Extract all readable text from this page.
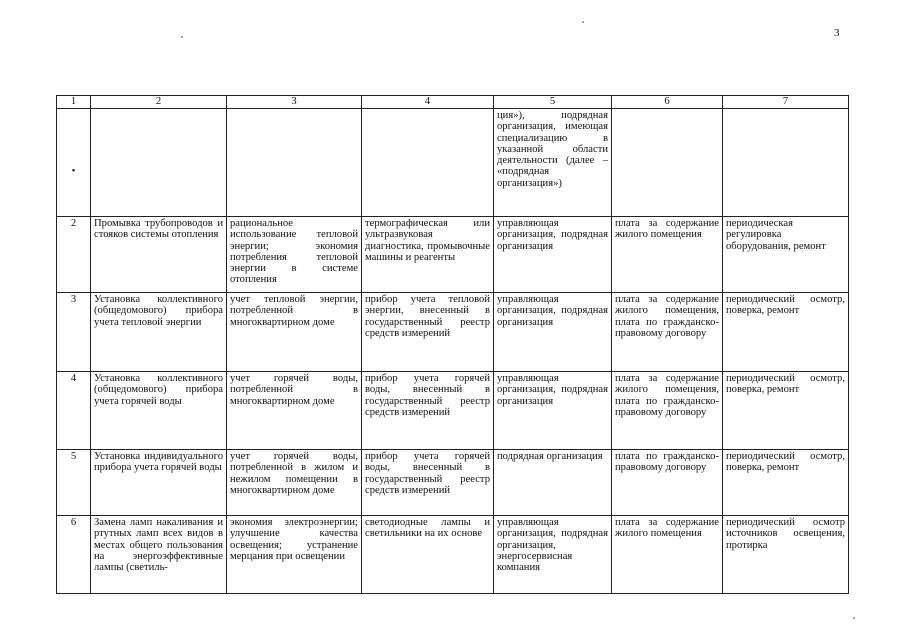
3
1	2	3	4	5	6	7

•				ция»), подрядная организация, имеющая специализацию в указанной области деятельности (далее – «подрядная организация»)		
2	Промывка трубопроводов и стояков системы отопления	рациональное использование тепловой энергии; экономия потребления тепловой энергии в системе отопления	термографическая или ультразвуковая диагностика, промывочные машины и реагенты	управляющая организация, подрядная организация	плата за содержание жилого помещения	периодическая регулировка оборудования, ремонт
3	Установка коллективного (общедомового) прибора учета тепловой энергии	учет тепловой энергии, потребленной в многоквартирном доме	прибор учета тепловой энергии, внесенный в государственный реестр средств измерений	управляющая организация, подрядная организация	плата за содержание жилого помещения, плата по гражданско-правовому договору	периодический осмотр, поверка, ремонт
4	Установка коллективного (общедомового) прибора учета горячей воды	учет горячей воды, потребленной в многоквартирном доме	прибор учета горячей воды, внесенный в государственный реестр средств измерений	управляющая организация, подрядная организация	плата за содержание жилого помещения, плата по гражданско-правовому договору	периодический осмотр, поверка, ремонт
5	Установка индивидуального прибора учета горячей воды	учет горячей воды, потребленной в жилом и нежилом помещении в многоквартирном доме	прибор учета горячей воды, внесенный в государственный реестр средств измерений	подрядная организация	плата по гражданско-правовому договору	периодический осмотр, поверка, ремонт
6	Замена ламп накаливания и ртутных ламп всех видов в местах общего пользования на энергоэффективные лампы (светиль-	экономия электроэнергии; улучшение качества освещения; устранение мерцания при освещении	светодиодные лампы и светильники на их основе	управляющая организация, подрядная организация, энергосервисная компания	плата за содержание жилого помещения	периодический осмотр источников освещения, протирка
